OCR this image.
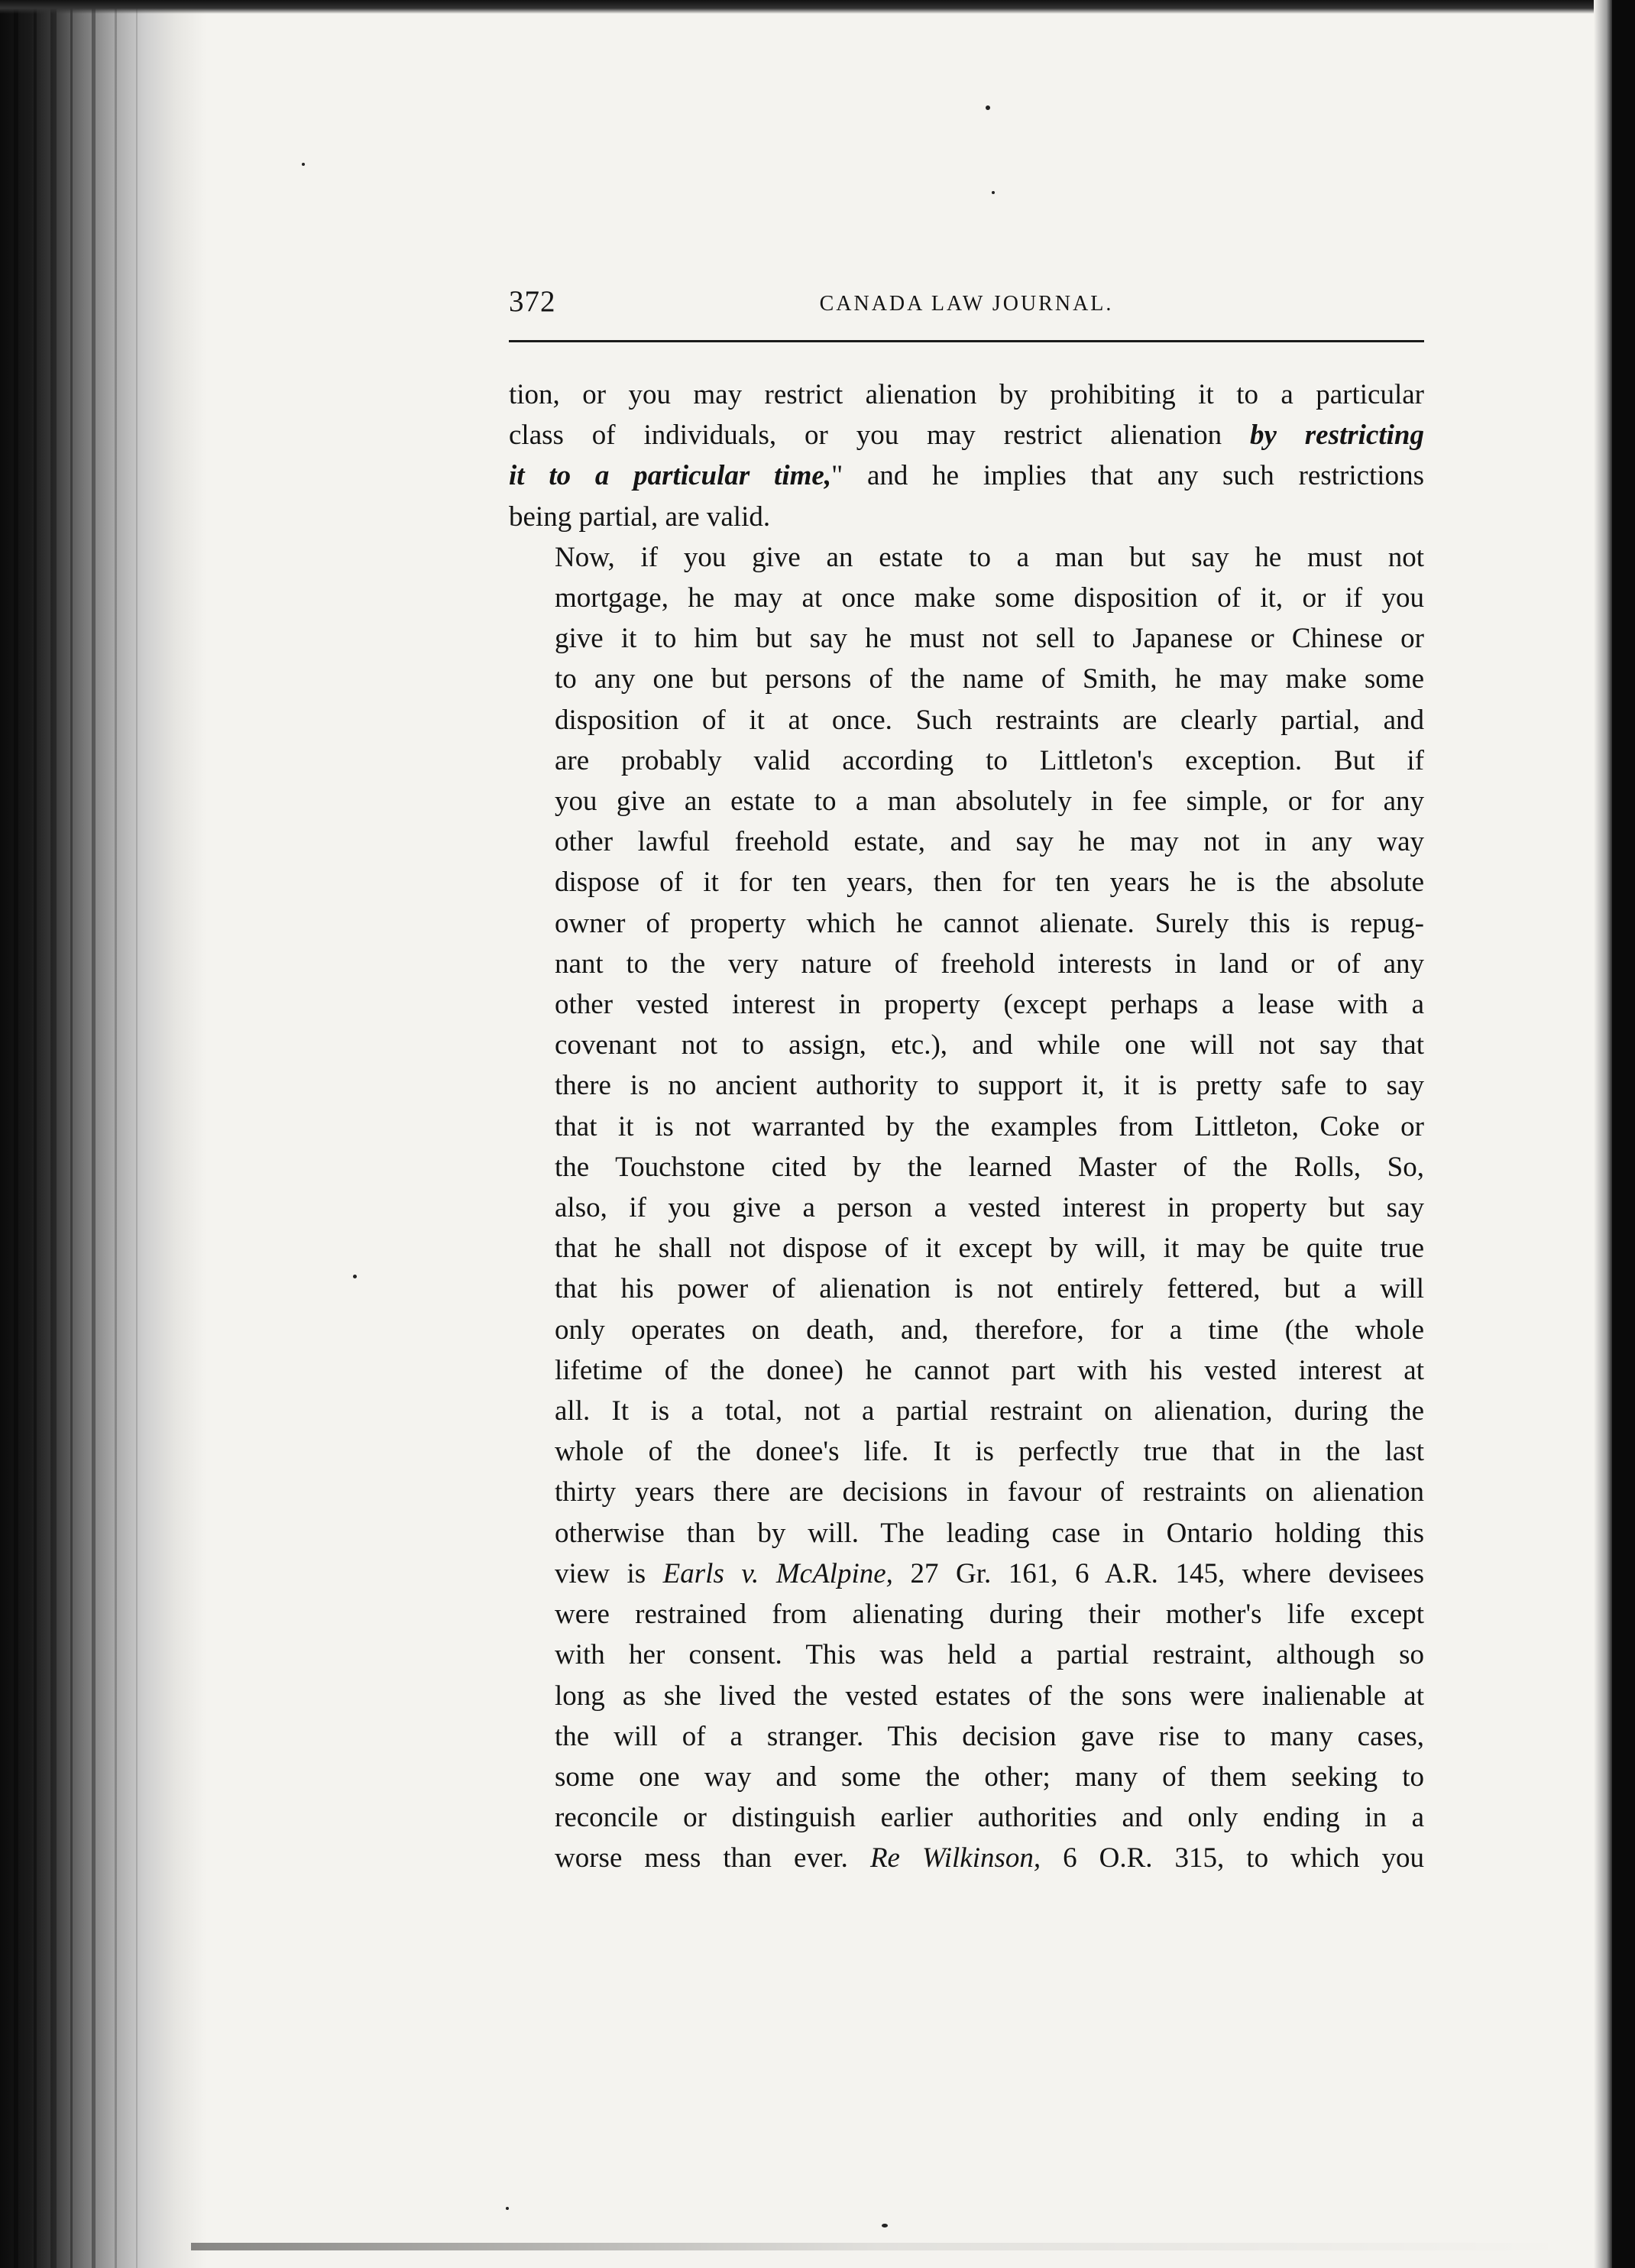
372	CANADA LAW JOURNAL.

tion, or you may restrict alienation by prohibiting it to a particular
class of individuals, or you may restrict alienation by restricting
it to a particular time," and he implies that any such restrictions
being partial, are valid.

Now, if you give an estate to a man but say he must not
mortgage, he may at once make some disposition of it, or if you
give it to him but say he must not sell to Japanese or Chinese or
to any one but persons of the name of Smith, he may make some
disposition of it at once. Such restraints are clearly partial, and
are probably valid according to Littleton's exception. But if
you give an estate to a man absolutely in fee simple, or for any
other lawful freehold estate, and say he may not in any way
dispose of it for ten years, then for ten years he is the absolute
owner of property which he cannot alienate. Surely this is repug-
nant to the very nature of freehold interests in land or of any
other vested interest in property (except perhaps a lease with a
covenant not to assign, etc.), and while one will not say that
there is no ancient authority to support it, it is pretty safe to say
that it is not warranted by the examples from Littleton, Coke or
the Touchstone cited by the learned Master of the Rolls, So,
also, if you give a person a vested interest in property but say
that he shall not dispose of it except by will, it may be quite true
that his power of alienation is not entirely fettered, but a will
only operates on death, and, therefore, for a time (the whole
lifetime of the donee) he cannot part with his vested interest at
all. It is a total, not a partial restraint on alienation, during the
whole of the donee's life. It is perfectly true that in the last
thirty years there are decisions in favour of restraints on alienation
otherwise than by will. The leading case in Ontario holding this
view is Earls v. McAlpine, 27 Gr. 161, 6 A.R. 145, where devisees
were restrained from alienating during their mother's life except
with her consent. This was held a partial restraint, although so
long as she lived the vested estates of the sons were inalienable at
the will of a stranger. This decision gave rise to many cases,
some one way and some the other; many of them seeking to
reconcile or distinguish earlier authorities and only ending in a
worse mess than ever. Re Wilkinson, 6 O.R. 315, to which you
